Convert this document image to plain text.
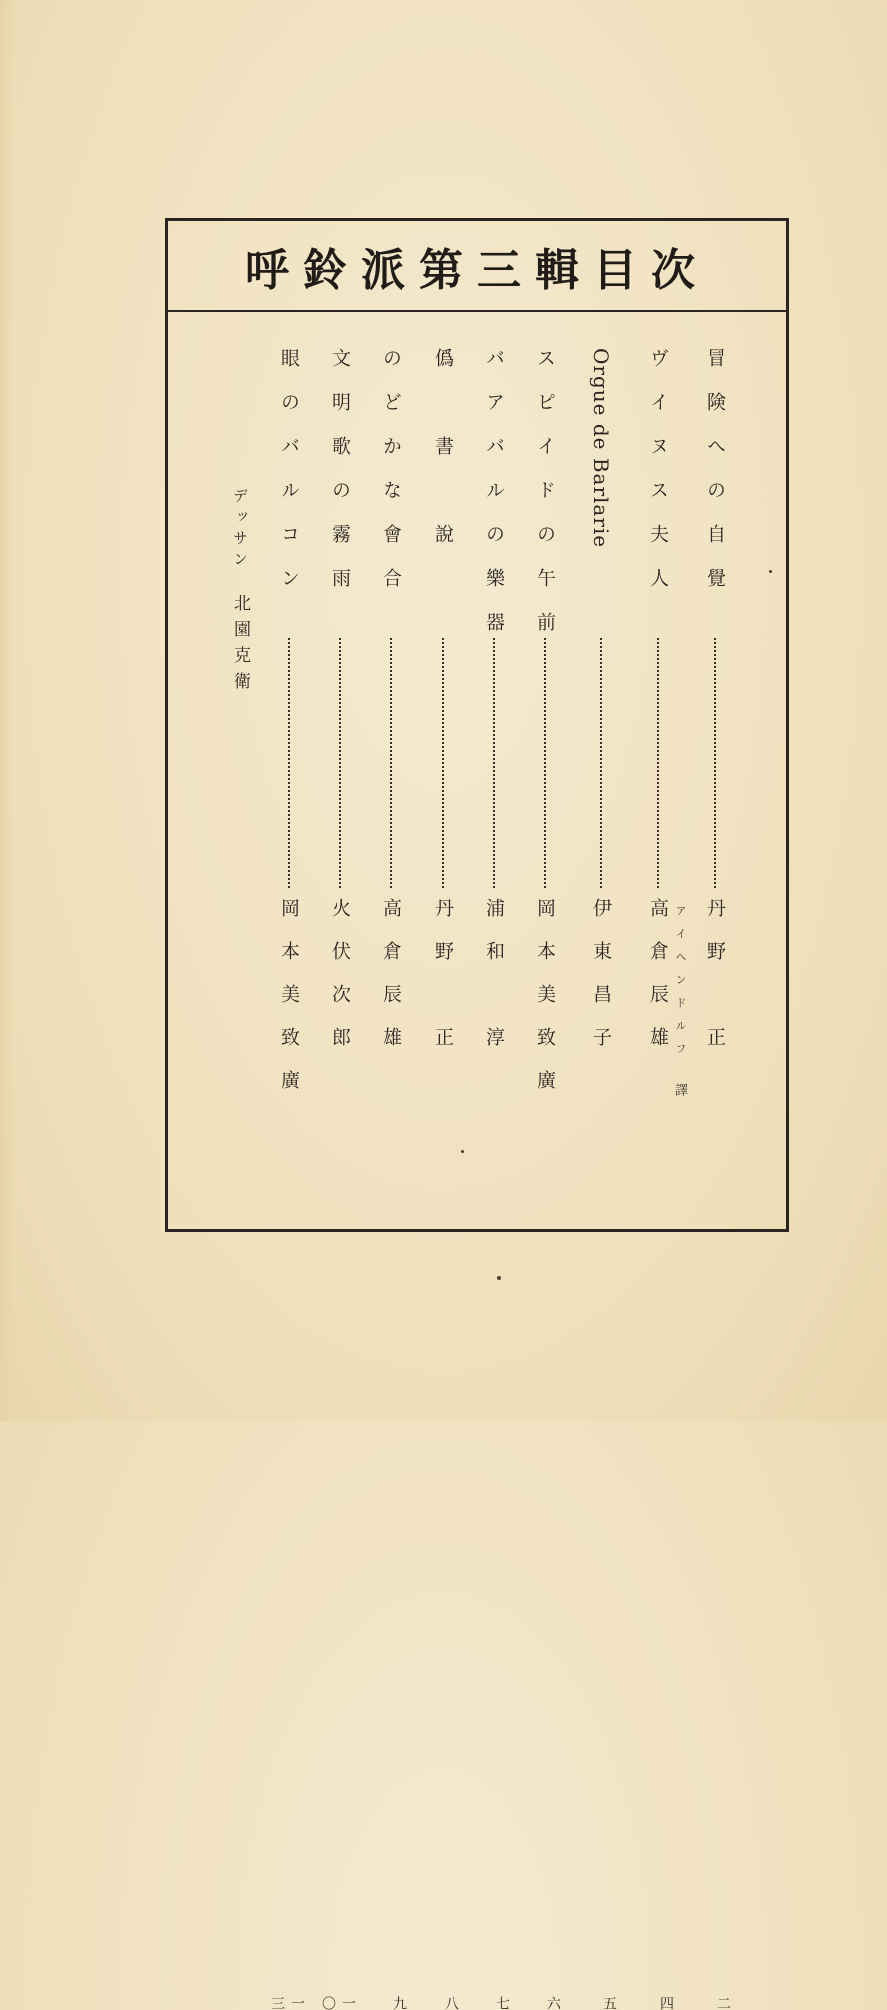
次目輯三第派鈴呼
冒険への自覺
丹野　正
二
ヴイヌス夫人
高倉辰雄 アイヘンドルフ
譯
四
Orgue de Barlarie
伊東昌子
五
スピイドの午前
岡本美致廣
六
バアバルの樂器
浦和　淳
七
僞　書　說
丹野　正
八
のどかな會合
高倉辰雄
九
文明歌の霧雨
火伏次郎
一〇
眼のバルコン
岡本美致廣
一三
デッサン
北園克衛
